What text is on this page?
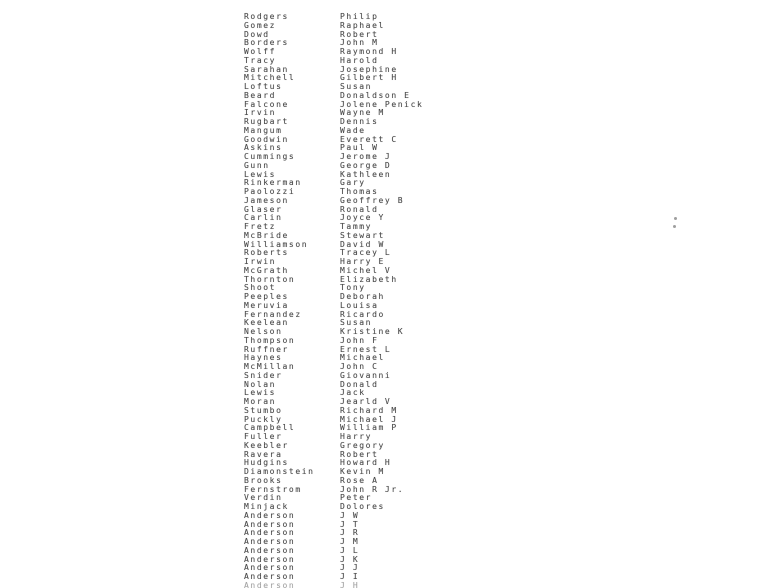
Rodgers	Philip
Gomez	Raphael
Dowd	Robert
Borders	John M
Wolff	Raymond H
Tracy	Harold
Sarahan	Josephine
Mitchell	Gilbert H
Loftus	Susan
Beard	Donaldson E
Falcone	Jolene Penick
Irvin	Wayne M
Rugbart	Dennis
Mangum	Wade
Goodwin	Everett C
Askins	Paul W
Cummings	Jerome J
Gunn	George D
Lewis	Kathleen
Rinkerman	Gary
Paolozzi	Thomas
Jameson	Geoffrey B
Glaser	Ronald
Carlin	Joyce Y
Fretz	Tammy
McBride	Stewart
Williamson	David W
Roberts	Tracey L
Irwin	Harry E
McGrath	Michel V
Thornton	Elizabeth
Shoot	Tony
Peeples	Deborah
Meruvia	Louisa
Fernandez	Ricardo
Keelean	Susan
Nelson	Kristine K
Thompson	John F
Ruffner	Ernest L
Haynes	Michael
McMillan	John C
Snider	Giovanni
Nolan	Donald
Lewis	Jack
Moran	Jearld V
Stumbo	Richard M
Puckly	Michael J
Campbell	William P
Fuller	Harry
Keebler	Gregory
Ravera	Robert
Hudgins	Howard H
Diamonstein	Kevin M
Brooks	Rose A
Fernstrom	John R Jr.
Verdin	Peter
Minjack	Dolores
Anderson	J W
Anderson	J T
Anderson	J R
Anderson	J M
Anderson	J L
Anderson	J K
Anderson	J J
Anderson	J I
Anderson	J H
